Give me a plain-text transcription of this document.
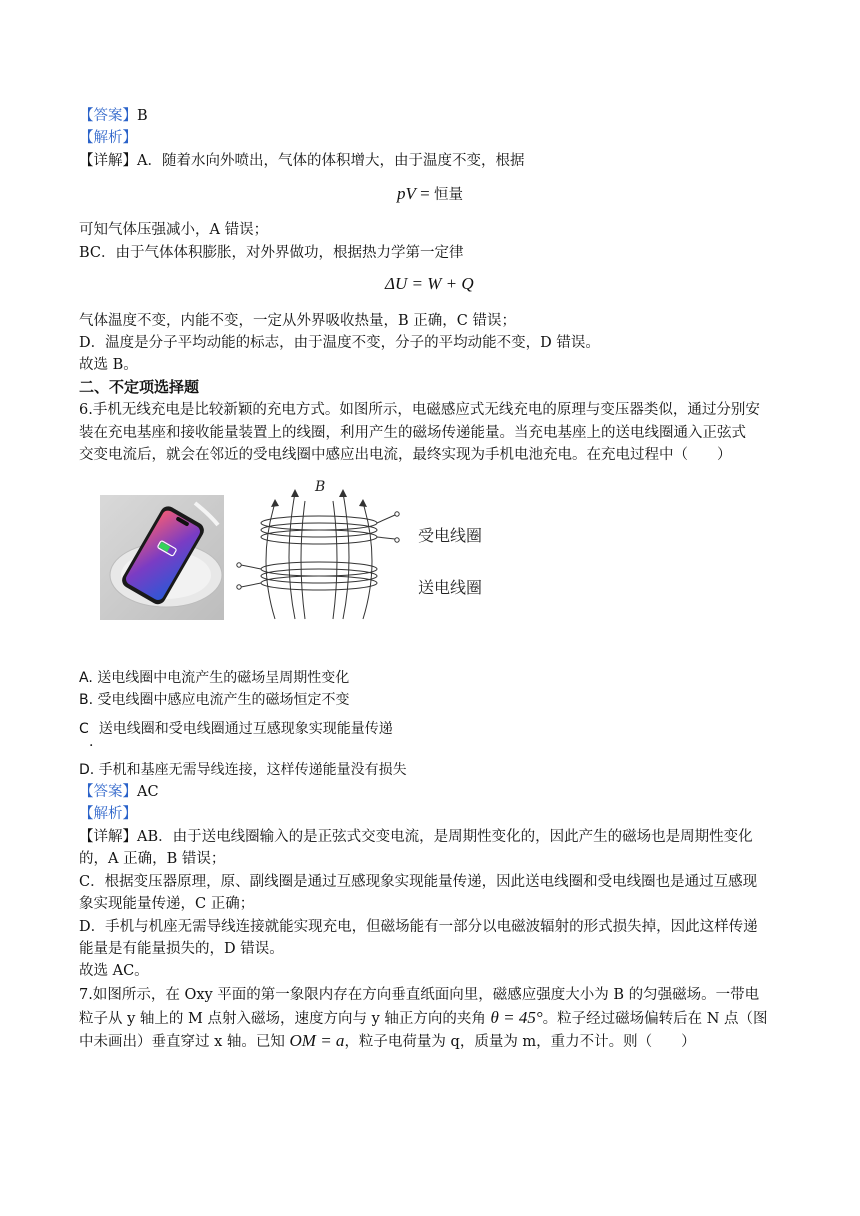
【答案】B
【解析】
【详解】A．随着水向外喷出，气体的体积增大，由于温度不变，根据
pV = 恒量
可知气体压强减小，A 错误；
BC．由于气体体积膨胀，对外界做功，根据热力学第一定律
ΔU = W + Q
气体温度不变，内能不变，一定从外界吸收热量，B 正确，C 错误；
D．温度是分子平均动能的标志，由于温度不变，分子的平均动能不变，D 错误。
故选 B。
二、不定项选择题
6.手机无线充电是比较新颖的充电方式。如图所示，电磁感应式无线充电的原理与变压器类似，通过分别安
装在充电基座和接收能量装置上的线圈，利用产生的磁场传递能量。当充电基座上的送电线圈通入正弦式
交变电流后，就会在邻近的受电线圈中感应出电流，最终实现为手机电池充电。在充电过程中（　　）
B
受电线圈
送电线圈
A. 送电线圈中电流产生的磁场呈周期性变化
B. 受电线圈中感应电流产生的磁场恒定不变
C 送电线圈和受电线圈通过互感现象实现能量传递
·
D. 手机和基座无需导线连接，这样传递能量没有损失
【答案】AC
【解析】
【详解】AB．由于送电线圈输入的是正弦式交变电流，是周期性变化的，因此产生的磁场也是周期性变化
的，A 正确，B 错误；
C．根据变压器原理，原、副线圈是通过互感现象实现能量传递，因此送电线圈和受电线圈也是通过互感现
象实现能量传递，C 正确；
D．手机与机座无需导线连接就能实现充电，但磁场能有一部分以电磁波辐射的形式损失掉，因此这样传递
能量是有能量损失的，D 错误。
故选 AC。
7.如图所示，在 Oxy 平面的第一象限内存在方向垂直纸面向里，磁感应强度大小为 B 的匀强磁场。一带电
粒子从 y 轴上的 M 点射入磁场，速度方向与 y 轴正方向的夹角 θ = 45°。粒子经过磁场偏转后在 N 点（图
中未画出）垂直穿过 x 轴。已知 OM = a，粒子电荷量为 q，质量为 m，重力不计。则（　　）
